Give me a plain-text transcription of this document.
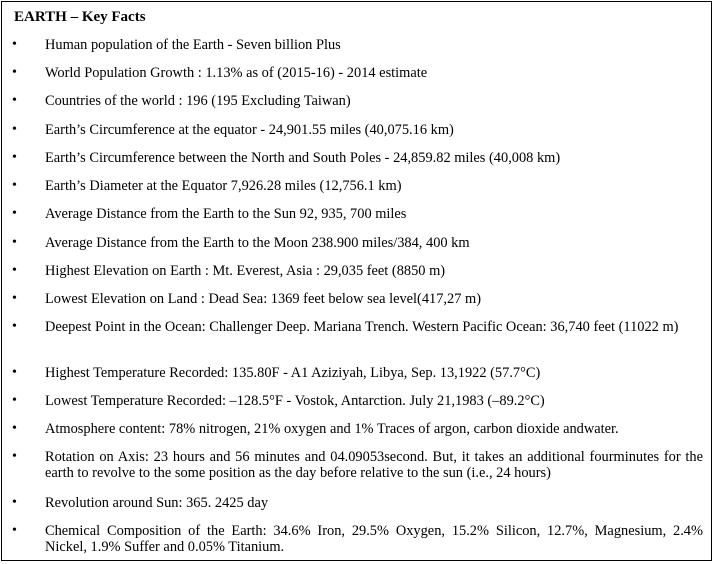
EARTH – Key Facts
• Human population of the Earth - Seven billion Plus
• World Population Growth : 1.13% as of (2015-16) - 2014 estimate
• Countries of the world : 196 (195 Excluding Taiwan)
• Earth’s Circumference at the equator - 24,901.55 miles (40,075.16 km)
• Earth’s Circumference between the North and South Poles - 24,859.82 miles (40,008 km)
• Earth’s Diameter at the Equator 7,926.28 miles (12,756.1 km)
• Average Distance from the Earth to the Sun 92, 935, 700 miles
• Average Distance from the Earth to the Moon 238.900 miles/384, 400 km
• Highest Elevation on Earth : Mt. Everest, Asia : 29,035 feet (8850 m)
• Lowest Elevation on Land : Dead Sea: 1369 feet below sea level(417,27 m)
• Deepest Point in the Ocean: Challenger Deep. Mariana Trench. Western Pacific Ocean: 36,740 feet (11022 m)
• Highest Temperature Recorded: 135.80F - A1 Aziziyah, Libya, Sep. 13,1922 (57.7°C)
• Lowest Temperature Recorded: –128.5°F - Vostok, Antarction. July 21,1983 (–89.2°C)
• Atmosphere content: 78% nitrogen, 21% oxygen and 1% Traces of argon, carbon dioxide andwater.
• Rotation on Axis: 23 hours and 56 minutes and 04.09053second. But, it takes an additional fourminutes for the earth to revolve to the some position as the day before relative to the sun (i.e., 24 hours)
• Revolution around Sun: 365. 2425 day
• Chemical Composition of the Earth: 34.6% Iron, 29.5% Oxygen, 15.2% Silicon, 12.7%, Magnesium, 2.4% Nickel, 1.9% Suffer and 0.05% Titanium.
